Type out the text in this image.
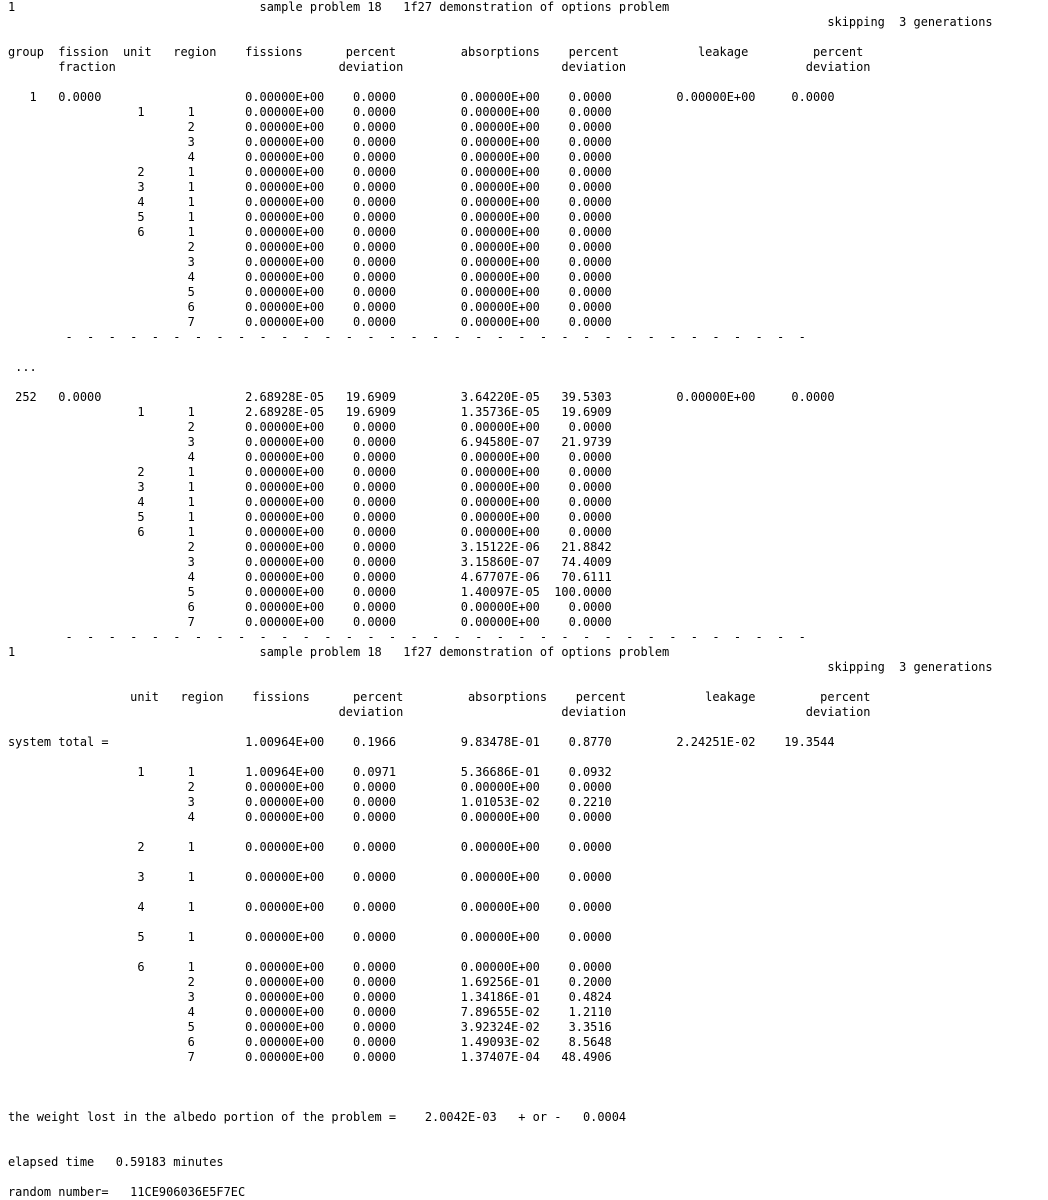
1                                  sample problem 18   1f27 demonstration of options problem
skipping  3 generations
group  fission  unit   region    fissions      percent         absorptions    percent           leakage         percent
fraction                               deviation                      deviation                         deviation
1   0.0000                    0.00000E+00    0.0000         0.00000E+00    0.0000         0.00000E+00     0.0000
1      1       0.00000E+00    0.0000         0.00000E+00    0.0000
2       0.00000E+00    0.0000         0.00000E+00    0.0000
3       0.00000E+00    0.0000         0.00000E+00    0.0000
4       0.00000E+00    0.0000         0.00000E+00    0.0000
2      1       0.00000E+00    0.0000         0.00000E+00    0.0000
3      1       0.00000E+00    0.0000         0.00000E+00    0.0000
4      1       0.00000E+00    0.0000         0.00000E+00    0.0000
5      1       0.00000E+00    0.0000         0.00000E+00    0.0000
6      1       0.00000E+00    0.0000         0.00000E+00    0.0000
2       0.00000E+00    0.0000         0.00000E+00    0.0000
3       0.00000E+00    0.0000         0.00000E+00    0.0000
4       0.00000E+00    0.0000         0.00000E+00    0.0000
5       0.00000E+00    0.0000         0.00000E+00    0.0000
6       0.00000E+00    0.0000         0.00000E+00    0.0000
7       0.00000E+00    0.0000         0.00000E+00    0.0000
-  -  -  -  -  -  -  -  -  -  -  -  -  -  -  -  -  -  -  -  -  -  -  -  -  -  -  -  -  -  -  -  -  -  -
...
252   0.0000                    2.68928E-05   19.6909         3.64220E-05   39.5303         0.00000E+00     0.0000
1      1       2.68928E-05   19.6909         1.35736E-05   19.6909
2       0.00000E+00    0.0000         0.00000E+00    0.0000
3       0.00000E+00    0.0000         6.94580E-07   21.9739
4       0.00000E+00    0.0000         0.00000E+00    0.0000
2      1       0.00000E+00    0.0000         0.00000E+00    0.0000
3      1       0.00000E+00    0.0000         0.00000E+00    0.0000
4      1       0.00000E+00    0.0000         0.00000E+00    0.0000
5      1       0.00000E+00    0.0000         0.00000E+00    0.0000
6      1       0.00000E+00    0.0000         0.00000E+00    0.0000
2       0.00000E+00    0.0000         3.15122E-06   21.8842
3       0.00000E+00    0.0000         3.15860E-07   74.4009
4       0.00000E+00    0.0000         4.67707E-06   70.6111
5       0.00000E+00    0.0000         1.40097E-05  100.0000
6       0.00000E+00    0.0000         0.00000E+00    0.0000
7       0.00000E+00    0.0000         0.00000E+00    0.0000
-  -  -  -  -  -  -  -  -  -  -  -  -  -  -  -  -  -  -  -  -  -  -  -  -  -  -  -  -  -  -  -  -  -  -
1                                  sample problem 18   1f27 demonstration of options problem
skipping  3 generations
unit   region    fissions      percent         absorptions    percent           leakage         percent
deviation                      deviation                         deviation
system total =                   1.00964E+00    0.1966         9.83478E-01    0.8770         2.24251E-02    19.3544
1      1       1.00964E+00    0.0971         5.36686E-01    0.0932
2       0.00000E+00    0.0000         0.00000E+00    0.0000
3       0.00000E+00    0.0000         1.01053E-02    0.2210
4       0.00000E+00    0.0000         0.00000E+00    0.0000
2      1       0.00000E+00    0.0000         0.00000E+00    0.0000
3      1       0.00000E+00    0.0000         0.00000E+00    0.0000
4      1       0.00000E+00    0.0000         0.00000E+00    0.0000
5      1       0.00000E+00    0.0000         0.00000E+00    0.0000
6      1       0.00000E+00    0.0000         0.00000E+00    0.0000
2       0.00000E+00    0.0000         1.69256E-01    0.2000
3       0.00000E+00    0.0000         1.34186E-01    0.4824
4       0.00000E+00    0.0000         7.89655E-02    1.2110
5       0.00000E+00    0.0000         3.92324E-02    3.3516
6       0.00000E+00    0.0000         1.49093E-02    8.5648
7       0.00000E+00    0.0000         1.37407E-04   48.4906
the weight lost in the albedo portion of the problem =    2.0042E-03   + or -   0.0004
elapsed time   0.59183 minutes
random number=   11CE906036E5F7EC
